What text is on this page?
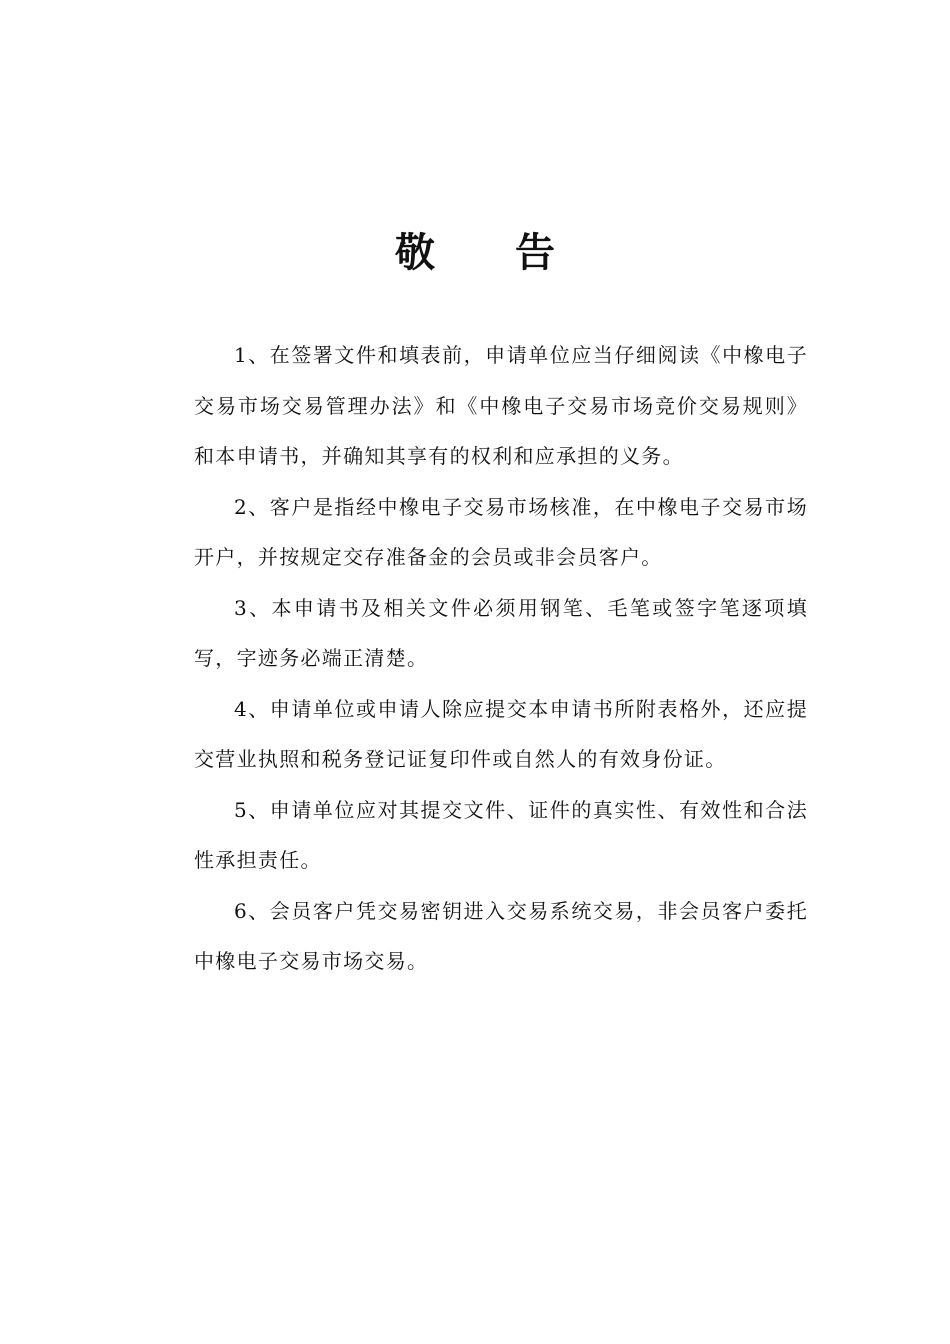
敬告

1、在签署文件和填表前，申请单位应当仔细阅读《中橡电子交易市场交易管理办法》和《中橡电子交易市场竞价交易规则》和本申请书，并确知其享有的权利和应承担的义务。

2、客户是指经中橡电子交易市场核准，在中橡电子交易市场开户，并按规定交存准备金的会员或非会员客户。

3、本申请书及相关文件必须用钢笔、毛笔或签字笔逐项填写，字迹务必端正清楚。

4、申请单位或申请人除应提交本申请书所附表格外，还应提交营业执照和税务登记证复印件或自然人的有效身份证。

5、申请单位应对其提交文件、证件的真实性、有效性和合法性承担责任。

6、会员客户凭交易密钥进入交易系统交易，非会员客户委托中橡电子交易市场交易。
